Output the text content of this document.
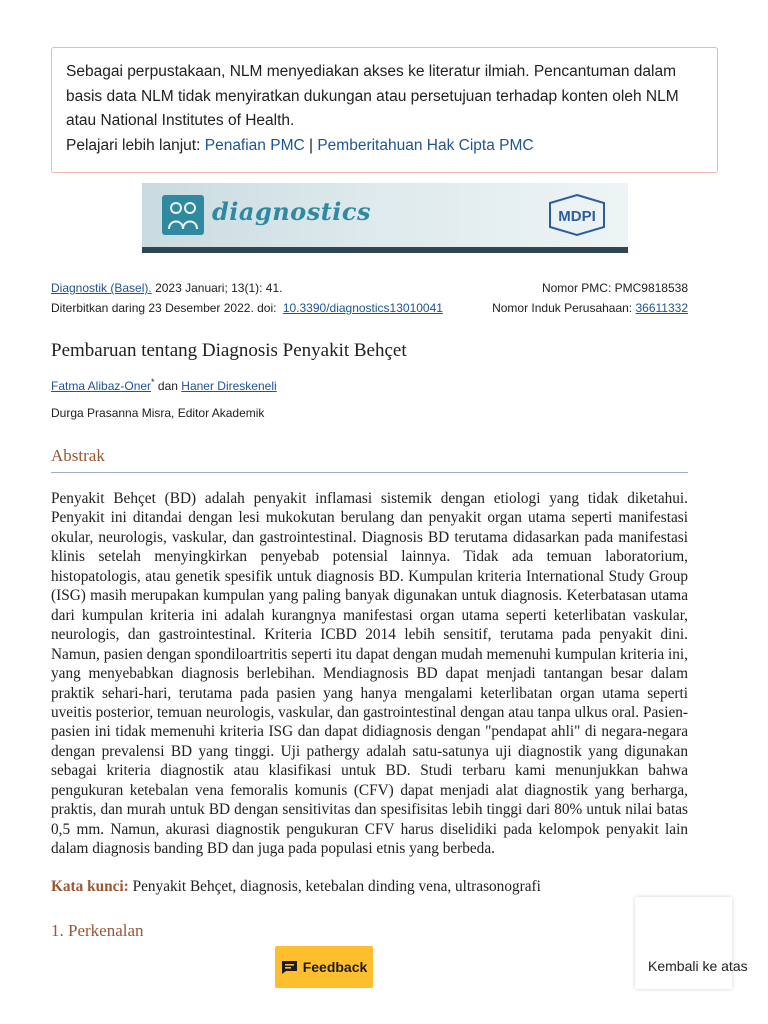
Sebagai perpustakaan, NLM menyediakan akses ke literatur ilmiah. Pencantuman dalam basis data NLM tidak menyiratkan dukungan atau persetujuan terhadap konten oleh NLM atau National Institutes of Health.
Pelajari lebih lanjut: Penafian PMC | Pemberitahuan Hak Cipta PMC
diagnostics	MDPI
Diagnostik (Basel). 2023 Januari; 13(1): 41.
Diterbitkan daring 23 Desember 2022. doi: 10.3390/diagnostics13010041
Nomor PMC: PMC9818538
Nomor Induk Perusahaan: 36611332
Pembaruan tentang Diagnosis Penyakit Behçet
Fatma Alibaz-Oner* dan Haner Direskeneli
Durga Prasanna Misra, Editor Akademik
Abstrak
Penyakit Behçet (BD) adalah penyakit inflamasi sistemik dengan etiologi yang tidak diketahui. Penyakit ini ditandai dengan lesi mukokutan berulang dan penyakit organ utama seperti manifestasi okular, neurologis, vaskular, dan gastrointestinal. Diagnosis BD terutama didasarkan pada manifestasi klinis setelah menyingkirkan penyebab potensial lainnya. Tidak ada temuan laboratorium, histopatologis, atau genetik spesifik untuk diagnosis BD. Kumpulan kriteria International Study Group (ISG) masih merupakan kumpulan yang paling banyak digunakan untuk diagnosis. Keterbatasan utama dari kumpulan kriteria ini adalah kurangnya manifestasi organ utama seperti keterlibatan vaskular, neurologis, dan gastrointestinal. Kriteria ICBD 2014 lebih sensitif, terutama pada penyakit dini. Namun, pasien dengan spondiloartritis seperti itu dapat dengan mudah memenuhi kumpulan kriteria ini, yang menyebabkan diagnosis berlebihan. Mendiagnosis BD dapat menjadi tantangan besar dalam praktik sehari-hari, terutama pada pasien yang hanya mengalami keterlibatan organ utama seperti uveitis posterior, temuan neurologis, vaskular, dan gastrointestinal dengan atau tanpa ulkus oral. Pasien-pasien ini tidak memenuhi kriteria ISG dan dapat didiagnosis dengan "pendapat ahli" di negara-negara dengan prevalensi BD yang tinggi. Uji pathergy adalah satu-satunya uji diagnostik yang digunakan sebagai kriteria diagnostik atau klasifikasi untuk BD. Studi terbaru kami menunjukkan bahwa pengukuran ketebalan vena femoralis komunis (CFV) dapat menjadi alat diagnostik yang berharga, praktis, dan murah untuk BD dengan sensitivitas dan spesifisitas lebih tinggi dari 80% untuk nilai batas 0,5 mm. Namun, akurasi diagnostik pengukuran CFV harus diselidiki pada kelompok penyakit lain dalam diagnosis banding BD dan juga pada populasi etnis yang berbeda.
Kata kunci: Penyakit Behçet, diagnosis, ketebalan dinding vena, ultrasonografi
1. Perkenalan
Feedback	Kembali ke atas
